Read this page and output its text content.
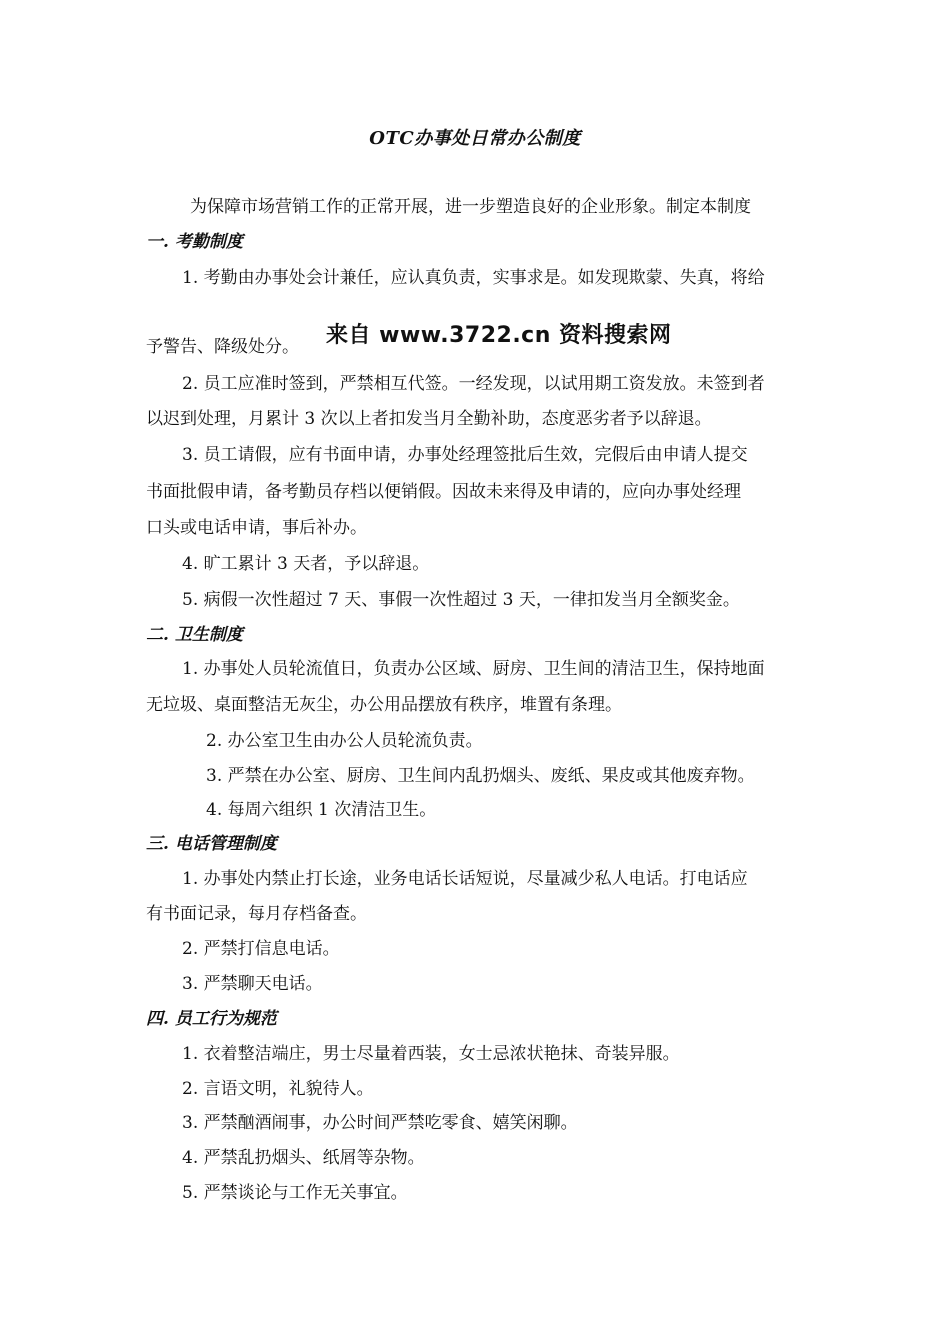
OTC办事处日常办公制度
为保障市场营销工作的正常开展，进一步塑造良好的企业形象。制定本制度
一. 考勤制度
1. 考勤由办事处会计兼任，应认真负责，实事求是。如发现欺蒙、失真，将给
予警告、降级处分。 来自 www.3722.cn 资料搜索网
2. 员工应准时签到，严禁相互代签。一经发现，以试用期工资发放。未签到者
以迟到处理，月累计 3 次以上者扣发当月全勤补助，态度恶劣者予以辞退。
3. 员工请假，应有书面申请，办事处经理签批后生效，完假后由申请人提交
书面批假申请，备考勤员存档以便销假。因故未来得及申请的，应向办事处经理
口头或电话申请，事后补办。
4. 旷工累计 3 天者，予以辞退。
5. 病假一次性超过 7 天、事假一次性超过 3 天，一律扣发当月全额奖金。
二. 卫生制度
1. 办事处人员轮流值日，负责办公区域、厨房、卫生间的清洁卫生，保持地面
无垃圾、桌面整洁无灰尘，办公用品摆放有秩序，堆置有条理。
2. 办公室卫生由办公人员轮流负责。
3. 严禁在办公室、厨房、卫生间内乱扔烟头、废纸、果皮或其他废弃物。
4. 每周六组织 1 次清洁卫生。
三. 电话管理制度
1. 办事处内禁止打长途，业务电话长话短说，尽量减少私人电话。打电话应
有书面记录，每月存档备查。
2. 严禁打信息电话。
3. 严禁聊天电话。
四. 员工行为规范
1. 衣着整洁端庄，男士尽量着西装，女士忌浓状艳抹、奇装异服。
2. 言语文明，礼貌待人。
3. 严禁酗酒闹事，办公时间严禁吃零食、嬉笑闲聊。
4. 严禁乱扔烟头、纸屑等杂物。
5. 严禁谈论与工作无关事宜。
